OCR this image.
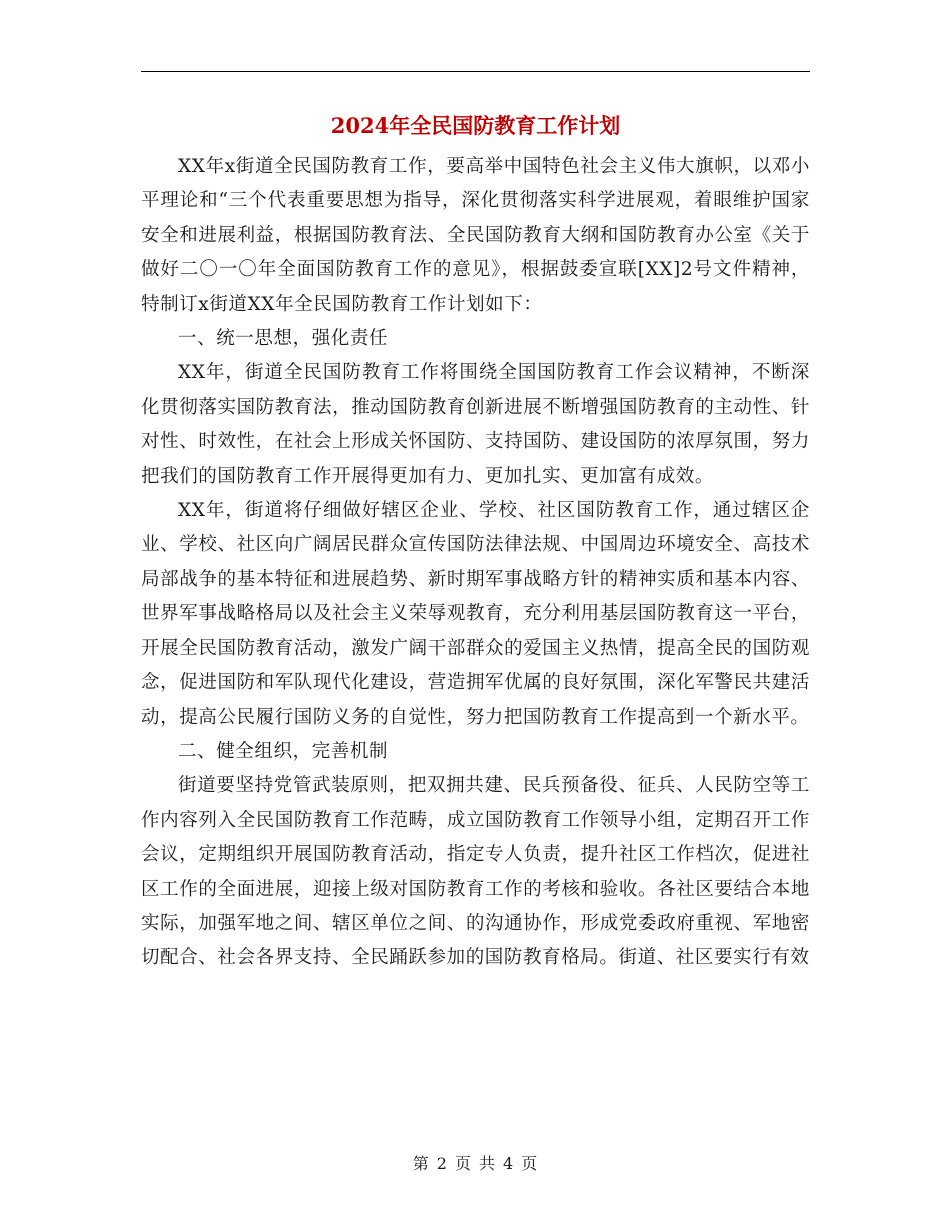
2024年全民国防教育工作计划

XX年x街道全民国防教育工作，要高举中国特色社会主义伟大旗帜，以邓小平理论和“三个代表重要思想为指导，深化贯彻落实科学进展观，着眼维护国家安全和进展利益，根据国防教育法、全民国防教育大纲和国防教育办公室《关于做好二〇一〇年全面国防教育工作的意见》，根据鼓委宣联[XX]2号文件精神，特制订x街道XX年全民国防教育工作计划如下：

一、统一思想，强化责任

XX年，街道全民国防教育工作将围绕全国国防教育工作会议精神，不断深化贯彻落实国防教育法，推动国防教育创新进展不断增强国防教育的主动性、针对性、时效性，在社会上形成关怀国防、支持国防、建设国防的浓厚氛围，努力把我们的国防教育工作开展得更加有力、更加扎实、更加富有成效。

XX年，街道将仔细做好辖区企业、学校、社区国防教育工作，通过辖区企业、学校、社区向广阔居民群众宣传国防法律法规、中国周边环境安全、高技术局部战争的基本特征和进展趋势、新时期军事战略方针的精神实质和基本内容、世界军事战略格局以及社会主义荣辱观教育，充分利用基层国防教育这一平台，开展全民国防教育活动，激发广阔干部群众的爱国主义热情，提高全民的国防观念，促进国防和军队现代化建设，营造拥军优属的良好氛围，深化军警民共建活动，提高公民履行国防义务的自觉性，努力把国防教育工作提高到一个新水平。

二、健全组织，完善机制

街道要坚持党管武装原则，把双拥共建、民兵预备役、征兵、人民防空等工作内容列入全民国防教育工作范畴，成立国防教育工作领导小组，定期召开工作会议，定期组织开展国防教育活动，指定专人负责，提升社区工作档次，促进社区工作的全面进展，迎接上级对国防教育工作的考核和验收。各社区要结合本地实际，加强军地之间、辖区单位之间、的沟通协作，形成党委政府重视、军地密切配合、社会各界支持、全民踊跃参加的国防教育格局。街道、社区要实行有效

第 2 页 共 4 页
